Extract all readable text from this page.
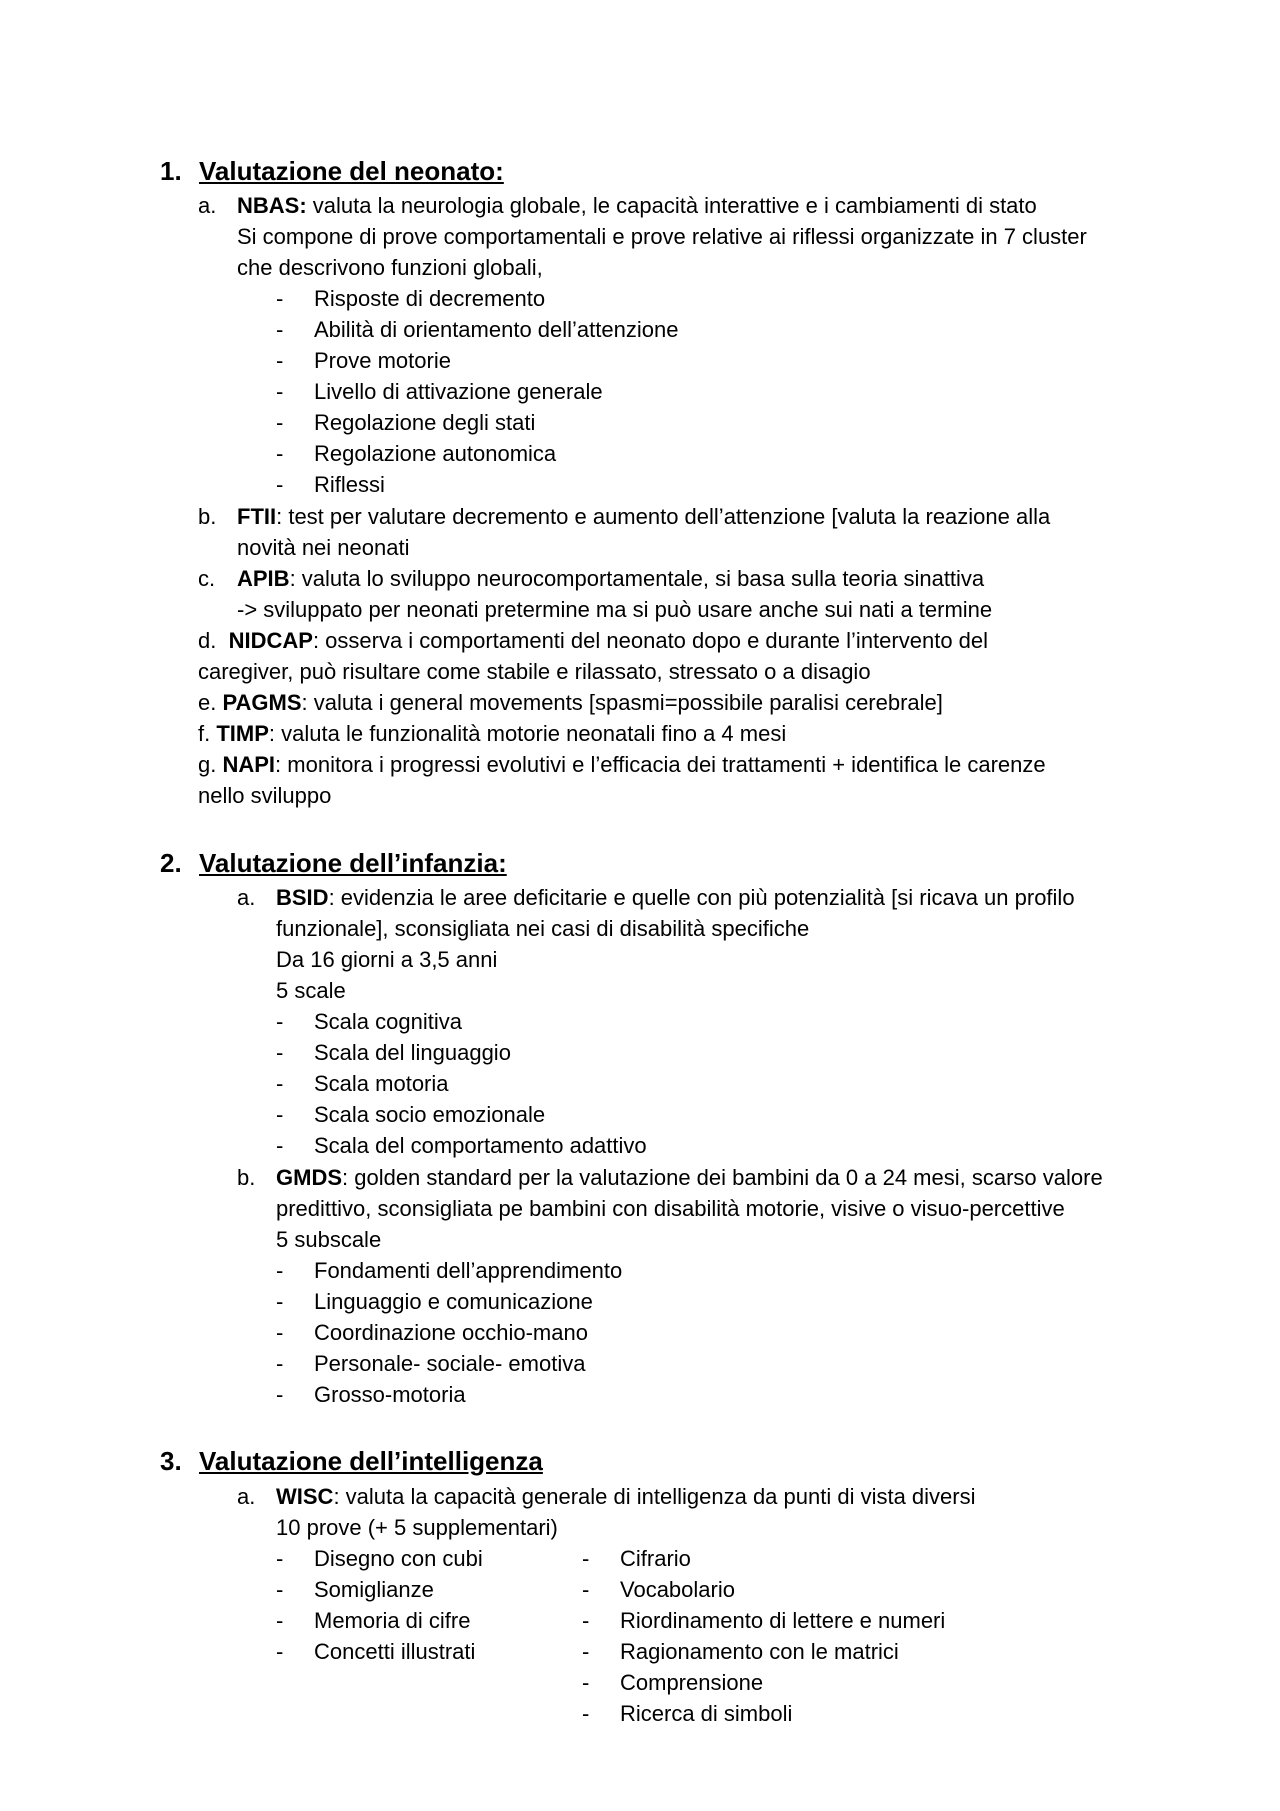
1. Valutazione del neonato:
a. NBAS: valuta la neurologia globale, le capacità interattive e i cambiamenti di stato
Si compone di prove comportamentali e prove relative ai riflessi organizzate in 7 cluster
che descrivono funzioni globali,
- Risposte di decremento
- Abilità di orientamento dell’attenzione
- Prove motorie
- Livello di attivazione generale
- Regolazione degli stati
- Regolazione autonomica
- Riflessi
b. FTII: test per valutare decremento e aumento dell’attenzione [valuta la reazione alla
novità nei neonati
c. APIB: valuta lo sviluppo neurocomportamentale, si basa sulla teoria sinattiva
-> sviluppato per neonati pretermine ma si può usare anche sui nati a termine
d. NIDCAP: osserva i comportamenti del neonato dopo e durante l’intervento del
caregiver, può risultare come stabile e rilassato, stressato o a disagio
e. PAGMS: valuta i general movements [spasmi=possibile paralisi cerebrale]
f. TIMP: valuta le funzionalità motorie neonatali fino a 4 mesi
g. NAPI: monitora i progressi evolutivi e l’efficacia dei trattamenti + identifica le carenze
nello sviluppo
2. Valutazione dell’infanzia:
a. BSID: evidenzia le aree deficitarie e quelle con più potenzialità [si ricava un profilo
funzionale], sconsigliata nei casi di disabilità specifiche
Da 16 giorni a 3,5 anni
5 scale
- Scala cognitiva
- Scala del linguaggio
- Scala motoria
- Scala socio emozionale
- Scala del comportamento adattivo
b. GMDS: golden standard per la valutazione dei bambini da 0 a 24 mesi, scarso valore
predittivo, sconsigliata pe bambini con disabilità motorie, visive o visuo-percettive
5 subscale
- Fondamenti dell’apprendimento
- Linguaggio e comunicazione
- Coordinazione occhio-mano
- Personale- sociale- emotiva
- Grosso-motoria
3. Valutazione dell’intelligenza
a. WISC: valuta la capacità generale di intelligenza da punti di vista diversi
10 prove (+ 5 supplementari)
- Disegno con cubi
- Somiglianze
- Memoria di cifre
- Concetti illustrati
- Cifrario
- Vocabolario
- Riordinamento di lettere e numeri
- Ragionamento con le matrici
- Comprensione
- Ricerca di simboli
